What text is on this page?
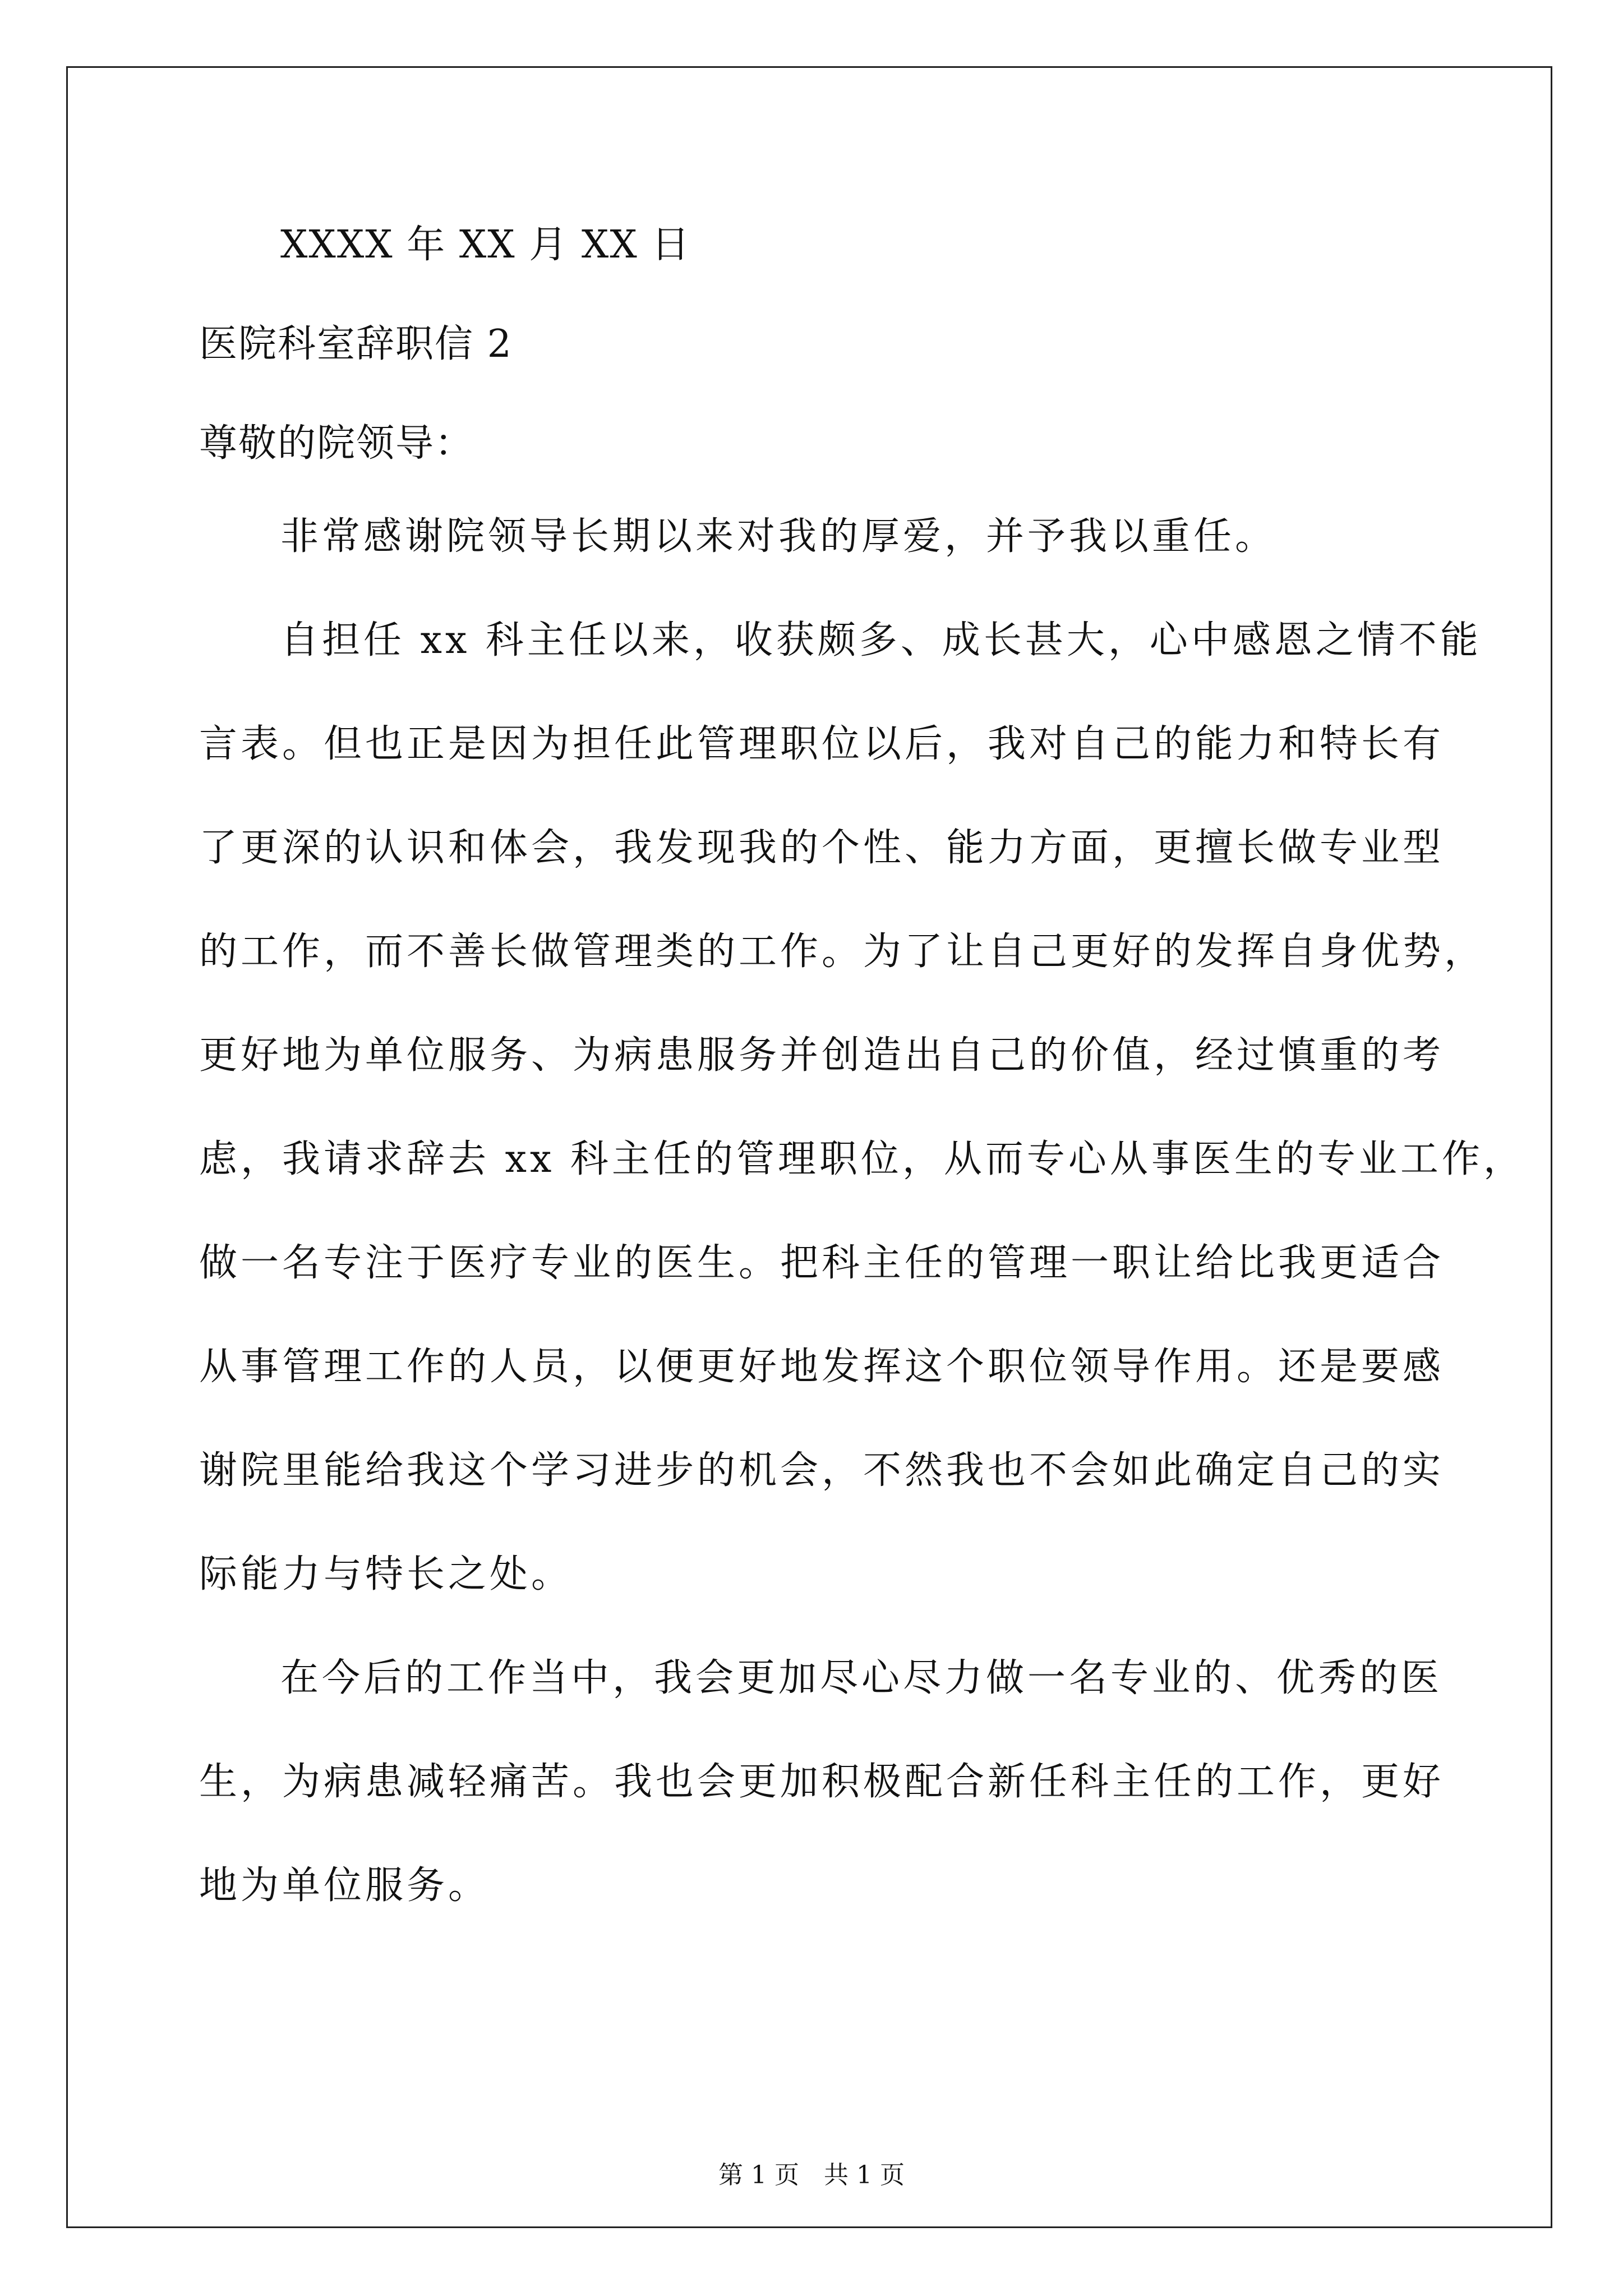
XXXX 年 XX 月 XX 日
医院科室辞职信 2
尊敬的院领导：
非常感谢院领导长期以来对我的厚爱，并予我以重任。
自担任 xx 科主任以来，收获颇多、成长甚大，心中感恩之情不能
言表。但也正是因为担任此管理职位以后，我对自己的能力和特长有
了更深的认识和体会，我发现我的个性、能力方面，更擅长做专业型
的工作，而不善长做管理类的工作。为了让自己更好的发挥自身优势，
更好地为单位服务、为病患服务并创造出自己的价值，经过慎重的考
虑，我请求辞去 xx 科主任的管理职位，从而专心从事医生的专业工作，
做一名专注于医疗专业的医生。把科主任的管理一职让给比我更适合
从事管理工作的人员，以便更好地发挥这个职位领导作用。还是要感
谢院里能给我这个学习进步的机会，不然我也不会如此确定自己的实
际能力与特长之处。
在今后的工作当中，我会更加尽心尽力做一名专业的、优秀的医
生，为病患减轻痛苦。我也会更加积极配合新任科主任的工作，更好
地为单位服务。
第 1 页　共 1 页
